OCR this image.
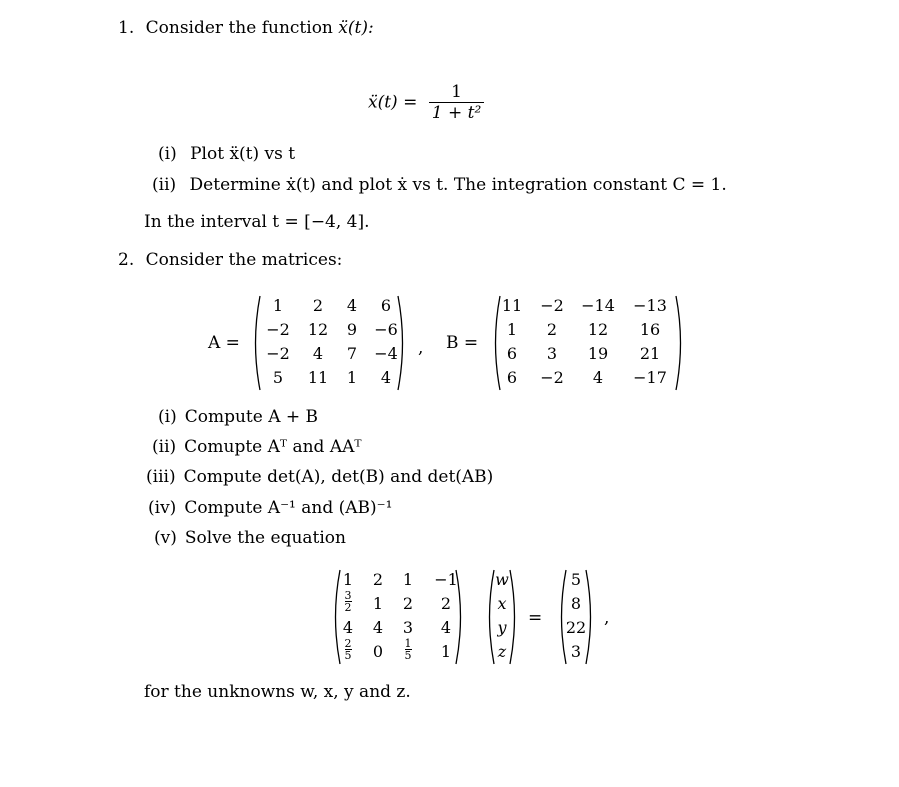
1. Consider the function ẍ(t):
ẍ(t) = $\frac{1}{\text{1 + t²}}$
(i) Plot ẍ(t) vs t
(ii) Determine ẋ(t) and plot ẋ vs t. The integration constant C = 1.
In the interval t = [−4, 4].
2. Consider the matrices:
A =
1	2	4	6
−2	12	9	−6
−2	4	7	−4
5	11	1	4
, B =
11	−2	−14 −13
1	2	12	16
6	3	19	21
6	−2	4	−17
(i) Compute A + B
(ii) Comupte Aᵀ and AAᵀ
(iii) Compute det(A), det(B) and det(AB)
(iv) Compute A⁻¹ and (AB)⁻¹
(v) Solve the equation
1	2	1	−1
$\frac{3}{2}$	1	2	2
4	4	3	4
$\frac{2}{5}$	0	$\frac{1}{5}$	1
w
x
y
z
=
5
8
22
3
,
for the unknowns w, x, y and z.
